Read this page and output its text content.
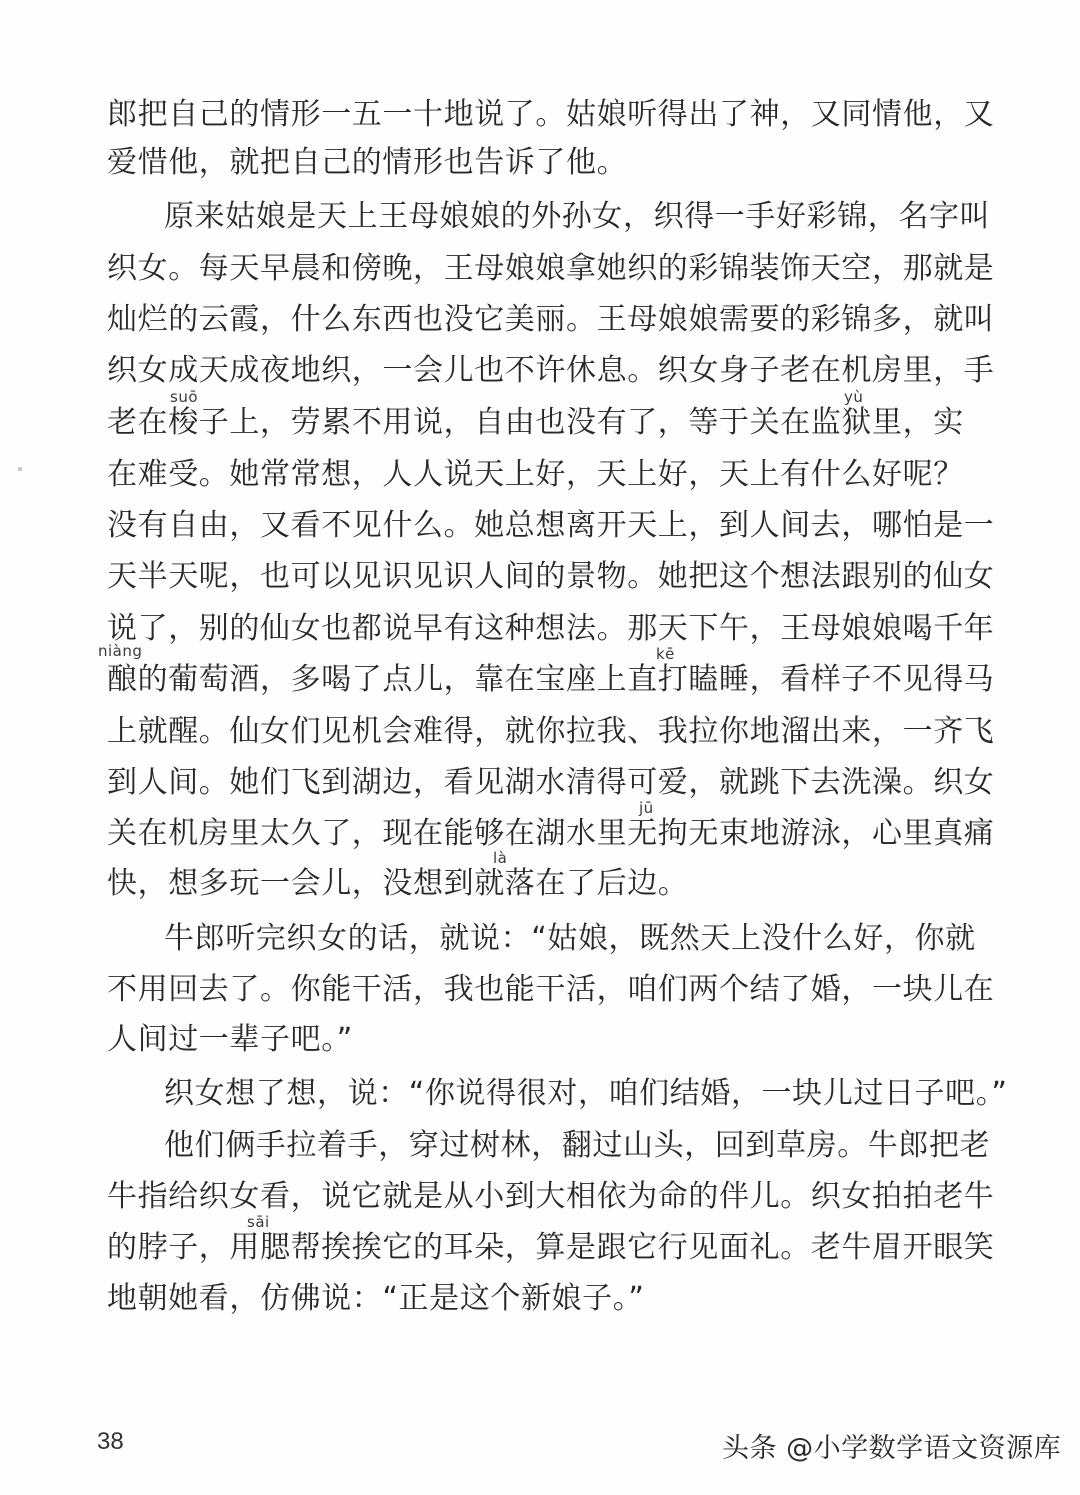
郎把自己的情形一五一十地说了。姑娘听得出了神，又同情他，又
爱惜他，就把自己的情形也告诉了他。
原来姑娘是天上王母娘娘的外孙女，织得一手好彩锦，名字叫
织女。每天早晨和傍晚，王母娘娘拿她织的彩锦装饰天空，那就是
灿烂的云霞，什么东西也没它美丽。王母娘娘需要的彩锦多，就叫
织女成天成夜地织，一会儿也不许休息。织女身子老在机房里，手
suō	yù
老在梭子上，劳累不用说，自由也没有了，等于关在监狱里，实
在难受。她常常想，人人说天上好，天上好，天上有什么好呢？
没有自由，又看不见什么。她总想离开天上，到人间去，哪怕是一
天半天呢，也可以见识见识人间的景物。她把这个想法跟别的仙女
说了，别的仙女也都说早有这种想法。那天下午，王母娘娘喝千年
niàng	kē
酿的葡萄酒，多喝了点儿，靠在宝座上直打瞌睡，看样子不见得马
上就醒。仙女们见机会难得，就你拉我、我拉你地溜出来，一齐飞
到人间。她们飞到湖边，看见湖水清得可爱，就跳下去洗澡。织女
jū
关在机房里太久了，现在能够在湖水里无拘无束地游泳，心里真痛
là
快，想多玩一会儿，没想到就落在了后边。
牛郎听完织女的话，就说：“姑娘，既然天上没什么好，你就
不用回去了。你能干活，我也能干活，咱们两个结了婚，一块儿在
人间过一辈子吧。”
织女想了想，说：“你说得很对，咱们结婚，一块儿过日子吧。”
他们俩手拉着手，穿过树林，翻过山头，回到草房。牛郎把老
牛指给织女看，说它就是从小到大相依为命的伴儿。织女拍拍老牛
sāi
的脖子，用腮帮挨挨它的耳朵，算是跟它行见面礼。老牛眉开眼笑
地朝她看，仿佛说：“正是这个新娘子。”
38	头条 @小学数学语文资源库
